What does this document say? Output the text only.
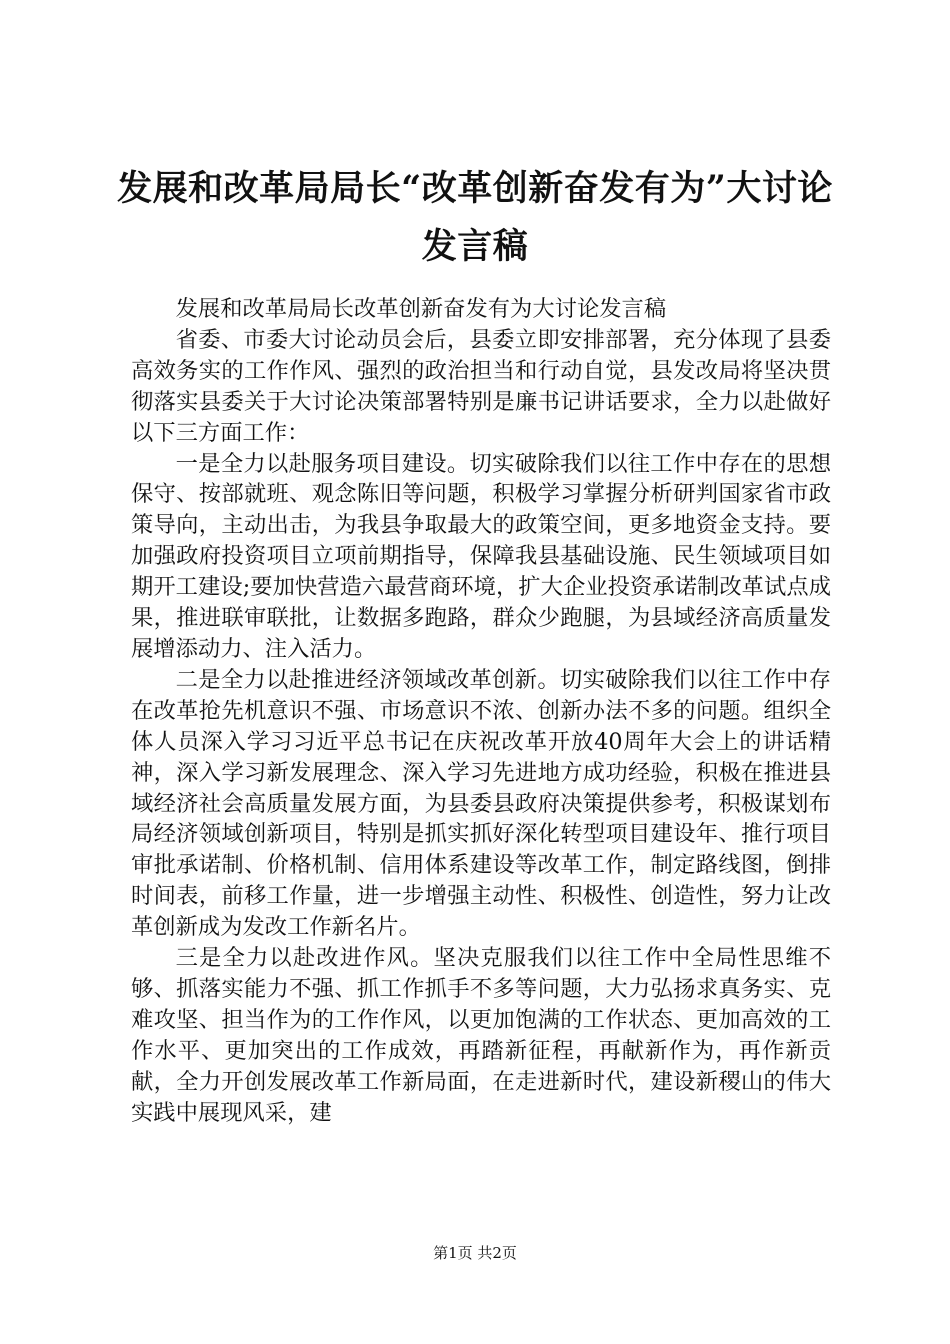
发展和改革局局长“改革创新奋发有为”大讨论发言稿

发展和改革局局长改革创新奋发有为大讨论发言稿

省委、市委大讨论动员会后，县委立即安排部署，充分体现了县委高效务实的工作作风、强烈的政治担当和行动自觉，县发改局将坚决贯彻落实县委关于大讨论决策部署特别是廉书记讲话要求，全力以赴做好以下三方面工作：

一是全力以赴服务项目建设。切实破除我们以往工作中存在的思想保守、按部就班、观念陈旧等问题，积极学习掌握分析研判国家省市政策导向，主动出击，为我县争取最大的政策空间，更多地资金支持。要加强政府投资项目立项前期指导，保障我县基础设施、民生领域项目如期开工建设;要加快营造六最营商环境，扩大企业投资承诺制改革试点成果，推进联审联批，让数据多跑路，群众少跑腿，为县域经济高质量发展增添动力、注入活力。

二是全力以赴推进经济领域改革创新。切实破除我们以往工作中存在改革抢先机意识不强、市场意识不浓、创新办法不多的问题。组织全体人员深入学习习近平总书记在庆祝改革开放40周年大会上的讲话精神，深入学习新发展理念、深入学习先进地方成功经验，积极在推进县域经济社会高质量发展方面，为县委县政府决策提供参考，积极谋划布局经济领域创新项目，特别是抓实抓好深化转型项目建设年、推行项目审批承诺制、价格机制、信用体系建设等改革工作，制定路线图，倒排时间表，前移工作量，进一步增强主动性、积极性、创造性，努力让改革创新成为发改工作新名片。

三是全力以赴改进作风。坚决克服我们以往工作中全局性思维不够、抓落实能力不强、抓工作抓手不多等问题，大力弘扬求真务实、克难攻坚、担当作为的工作作风，以更加饱满的工作状态、更加高效的工作水平、更加突出的工作成效，再踏新征程，再献新作为，再作新贡献，全力开创发展改革工作新局面，在走进新时代，建设新稷山的伟大实践中展现风采，建

第1页 共2页
